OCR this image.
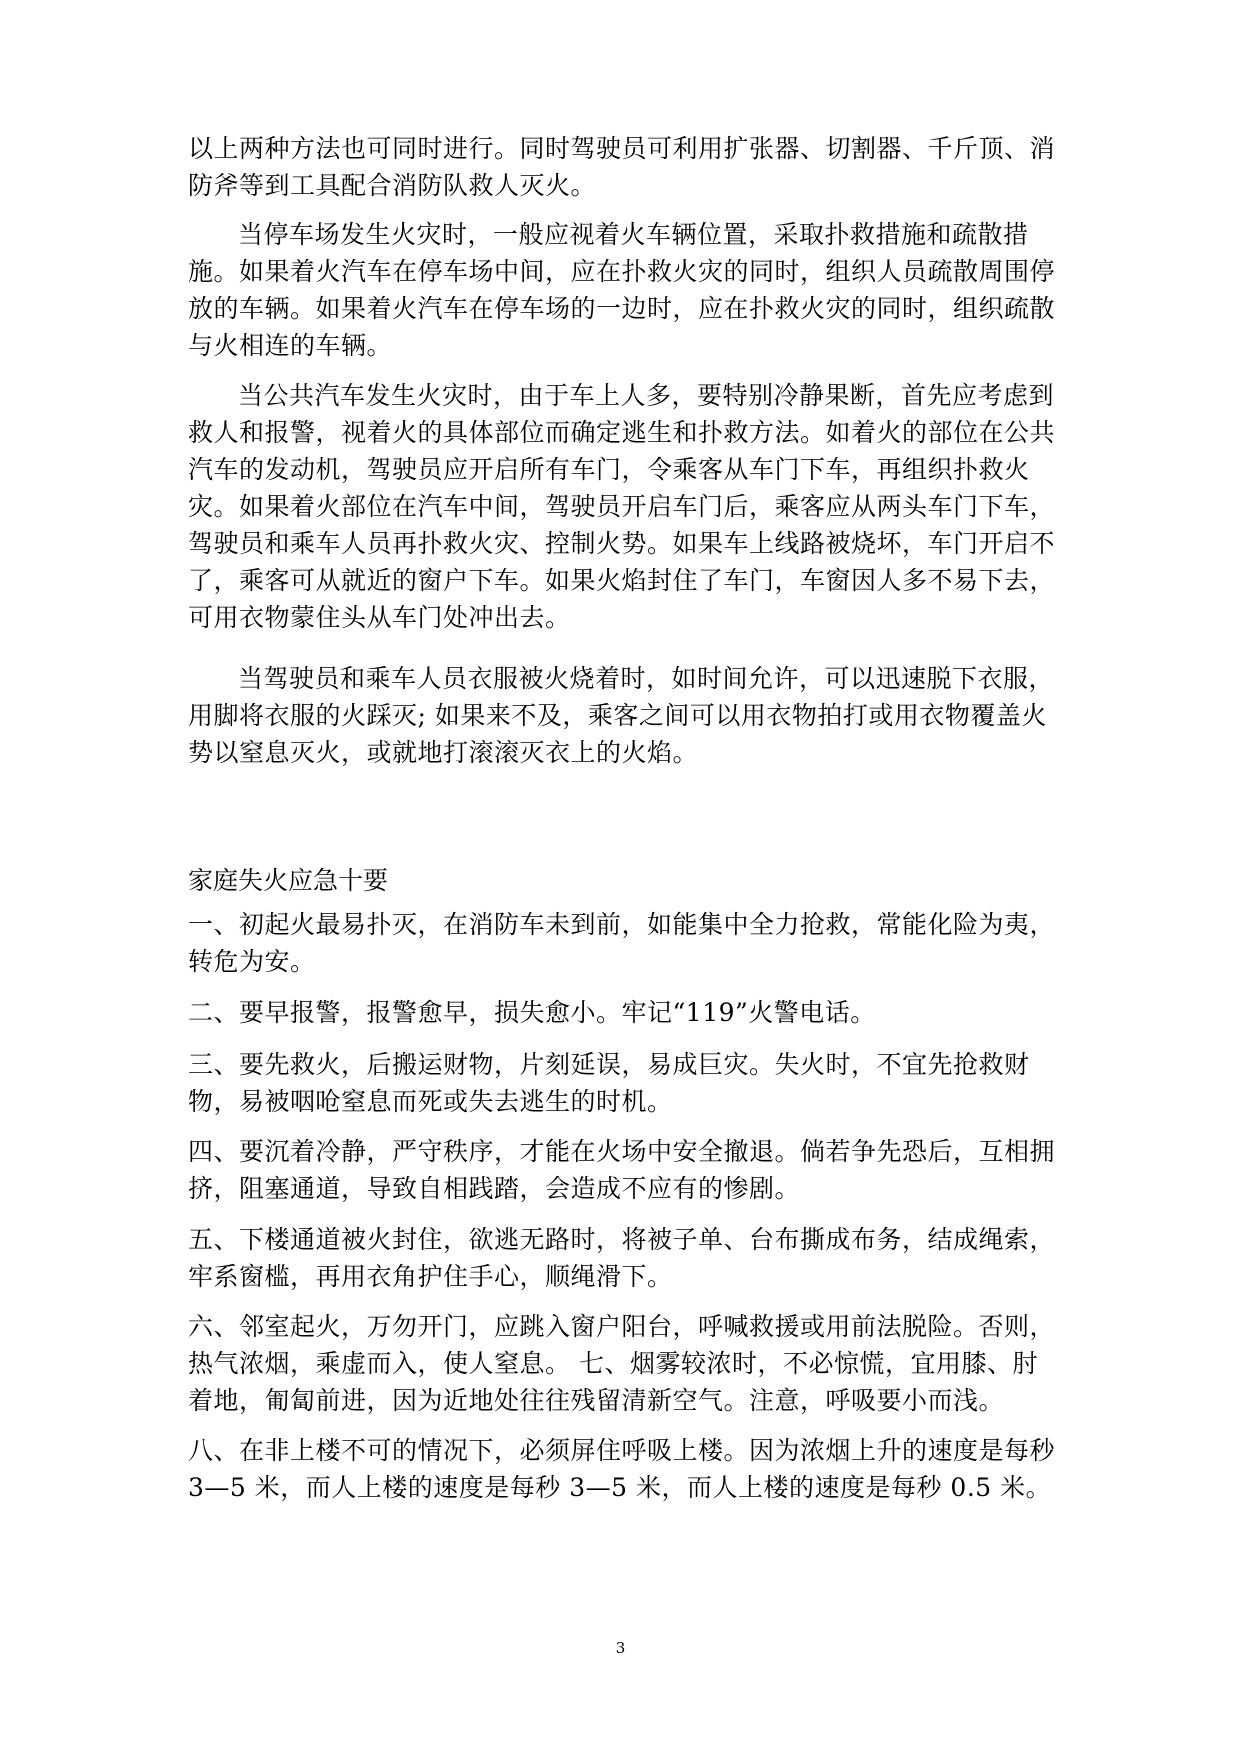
以上两种方法也可同时进行。同时驾驶员可利用扩张器、切割器、千斤顶、消防斧等到工具配合消防队救人灭火。

当停车场发生火灾时，一般应视着火车辆位置，采取扑救措施和疏散措施。如果着火汽车在停车场中间，应在扑救火灾的同时，组织人员疏散周围停放的车辆。如果着火汽车在停车场的一边时，应在扑救火灾的同时，组织疏散与火相连的车辆。

当公共汽车发生火灾时，由于车上人多，要特别冷静果断，首先应考虑到救人和报警，视着火的具体部位而确定逃生和扑救方法。如着火的部位在公共汽车的发动机，驾驶员应开启所有车门，令乘客从车门下车，再组织扑救火灾。如果着火部位在汽车中间，驾驶员开启车门后，乘客应从两头车门下车，驾驶员和乘车人员再扑救火灾、控制火势。如果车上线路被烧坏，车门开启不了，乘客可从就近的窗户下车。如果火焰封住了车门，车窗因人多不易下去，可用衣物蒙住头从车门处冲出去。

当驾驶员和乘车人员衣服被火烧着时，如时间允许，可以迅速脱下衣服，用脚将衣服的火踩灭; 如果来不及，乘客之间可以用衣物拍打或用衣物覆盖火势以窒息灭火，或就地打滚滚灭衣上的火焰。

家庭失火应急十要

一、初起火最易扑灭，在消防车未到前，如能集中全力抢救，常能化险为夷，转危为安。

二、要早报警，报警愈早，损失愈小。牢记“119”火警电话。

三、要先救火，后搬运财物，片刻延误，易成巨灾。失火时，不宜先抢救财物，易被咽呛窒息而死或失去逃生的时机。

四、要沉着冷静，严守秩序，才能在火场中安全撤退。倘若争先恐后，互相拥挤，阻塞通道，导致自相践踏，会造成不应有的惨剧。

五、下楼通道被火封住，欲逃无路时，将被子单、台布撕成布务，结成绳索，牢系窗槛，再用衣角护住手心，顺绳滑下。

六、邻室起火，万勿开门，应跳入窗户阳台，呼喊救援或用前法脱险。否则，热气浓烟，乘虚而入，使人窒息。 七、烟雾较浓时，不必惊慌，宜用膝、肘着地，匍匐前进，因为近地处往往残留清新空气。注意，呼吸要小而浅。

八、在非上楼不可的情况下，必须屏住呼吸上楼。因为浓烟上升的速度是每秒3—5 米，而人上楼的速度是每秒 3—5 米，而人上楼的速度是每秒 0.5 米。

3
